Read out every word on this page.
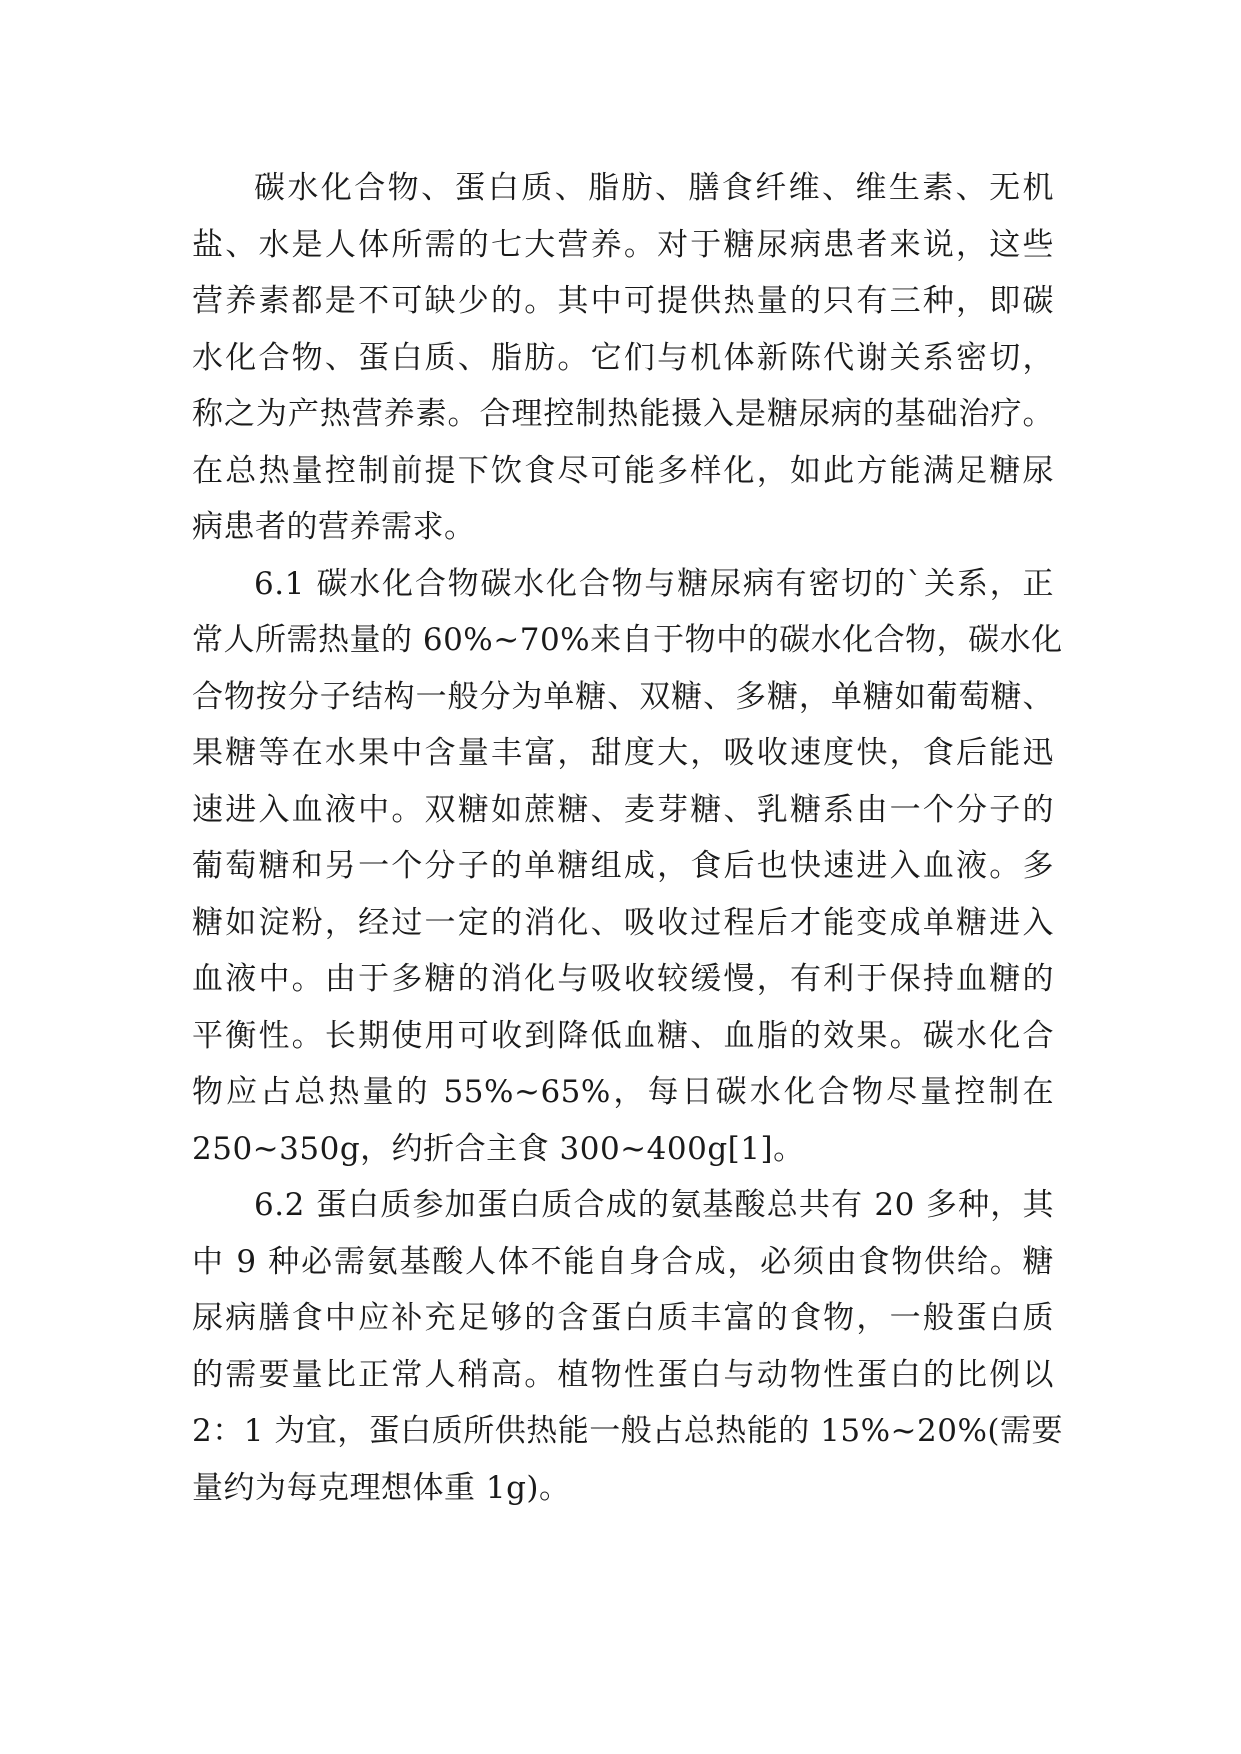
碳水化合物、蛋白质、脂肪、膳食纤维、维生素、无机
盐、水是人体所需的七大营养。对于糖尿病患者来说，这些
营养素都是不可缺少的。其中可提供热量的只有三种，即碳
水化合物、蛋白质、脂肪。它们与机体新陈代谢关系密切，
称之为产热营养素。合理控制热能摄入是糖尿病的基础治疗。
在总热量控制前提下饮食尽可能多样化，如此方能满足糖尿
病患者的营养需求。
6.1 碳水化合物碳水化合物与糖尿病有密切的`关系，正
常人所需热量的 60%~70%来自于物中的碳水化合物，碳水化
合物按分子结构一般分为单糖、双糖、多糖，单糖如葡萄糖、
果糖等在水果中含量丰富，甜度大，吸收速度快，食后能迅
速进入血液中。双糖如蔗糖、麦芽糖、乳糖系由一个分子的
葡萄糖和另一个分子的单糖组成，食后也快速进入血液。多
糖如淀粉，经过一定的消化、吸收过程后才能变成单糖进入
血液中。由于多糖的消化与吸收较缓慢，有利于保持血糖的
平衡性。长期使用可收到降低血糖、血脂的效果。碳水化合
物应占总热量的 55%~65%，每日碳水化合物尽量控制在
250~350g，约折合主食 300~400g[1]。
6.2 蛋白质参加蛋白质合成的氨基酸总共有 20 多种，其
中 9 种必需氨基酸人体不能自身合成，必须由食物供给。糖
尿病膳食中应补充足够的含蛋白质丰富的食物，一般蛋白质
的需要量比正常人稍高。植物性蛋白与动物性蛋白的比例以
2：1 为宜，蛋白质所供热能一般占总热能的 15%~20%(需要
量约为每克理想体重 1g)。
